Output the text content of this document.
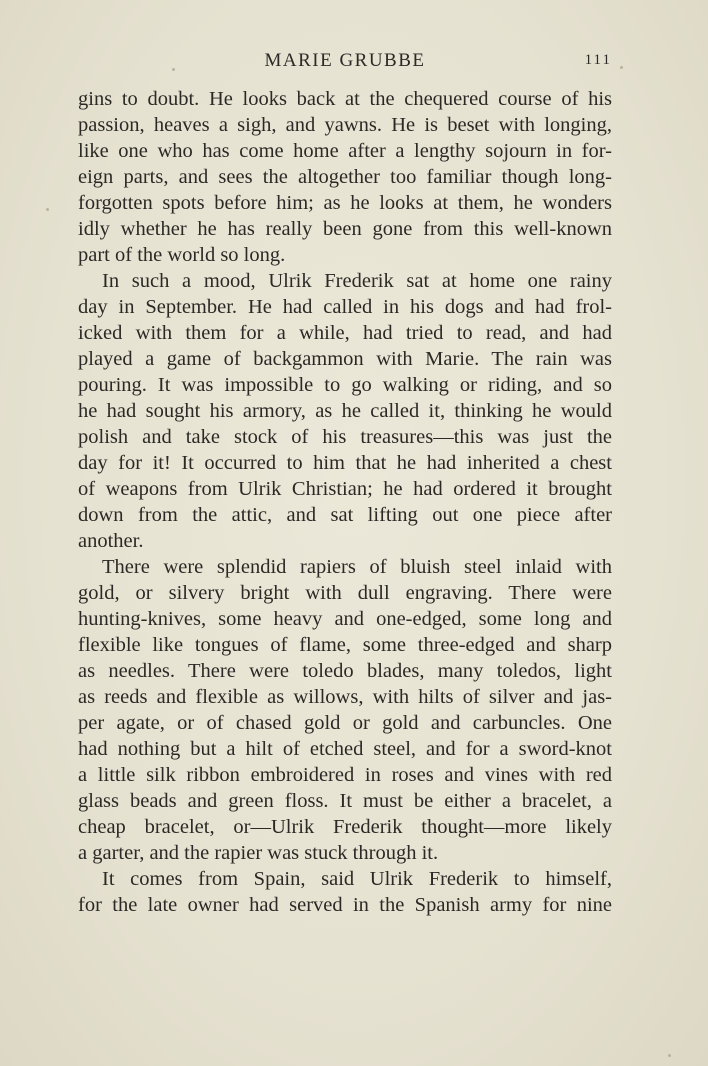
MARIE GRUBBE	111
gins to doubt. He looks back at the chequered course of his
passion, heaves a sigh, and yawns. He is beset with longing,
like one who has come home after a lengthy sojourn in for-
eign parts, and sees the altogether too familiar though long-
forgotten spots before him; as he looks at them, he wonders
idly whether he has really been gone from this well-known
part of the world so long.
In such a mood, Ulrik Frederik sat at home one rainy
day in September. He had called in his dogs and had frol-
icked with them for a while, had tried to read, and had
played a game of backgammon with Marie. The rain was
pouring. It was impossible to go walking or riding, and so
he had sought his armory, as he called it, thinking he would
polish and take stock of his treasures—this was just the
day for it! It occurred to him that he had inherited a chest
of weapons from Ulrik Christian; he had ordered it brought
down from the attic, and sat lifting out one piece after
another.
There were splendid rapiers of bluish steel inlaid with
gold, or silvery bright with dull engraving. There were
hunting-knives, some heavy and one-edged, some long and
flexible like tongues of flame, some three-edged and sharp
as needles. There were toledo blades, many toledos, light
as reeds and flexible as willows, with hilts of silver and jas-
per agate, or of chased gold or gold and carbuncles. One
had nothing but a hilt of etched steel, and for a sword-knot
a little silk ribbon embroidered in roses and vines with red
glass beads and green floss. It must be either a bracelet, a
cheap bracelet, or—Ulrik Frederik thought—more likely
a garter, and the rapier was stuck through it.
It comes from Spain, said Ulrik Frederik to himself,
for the late owner had served in the Spanish army for nine
